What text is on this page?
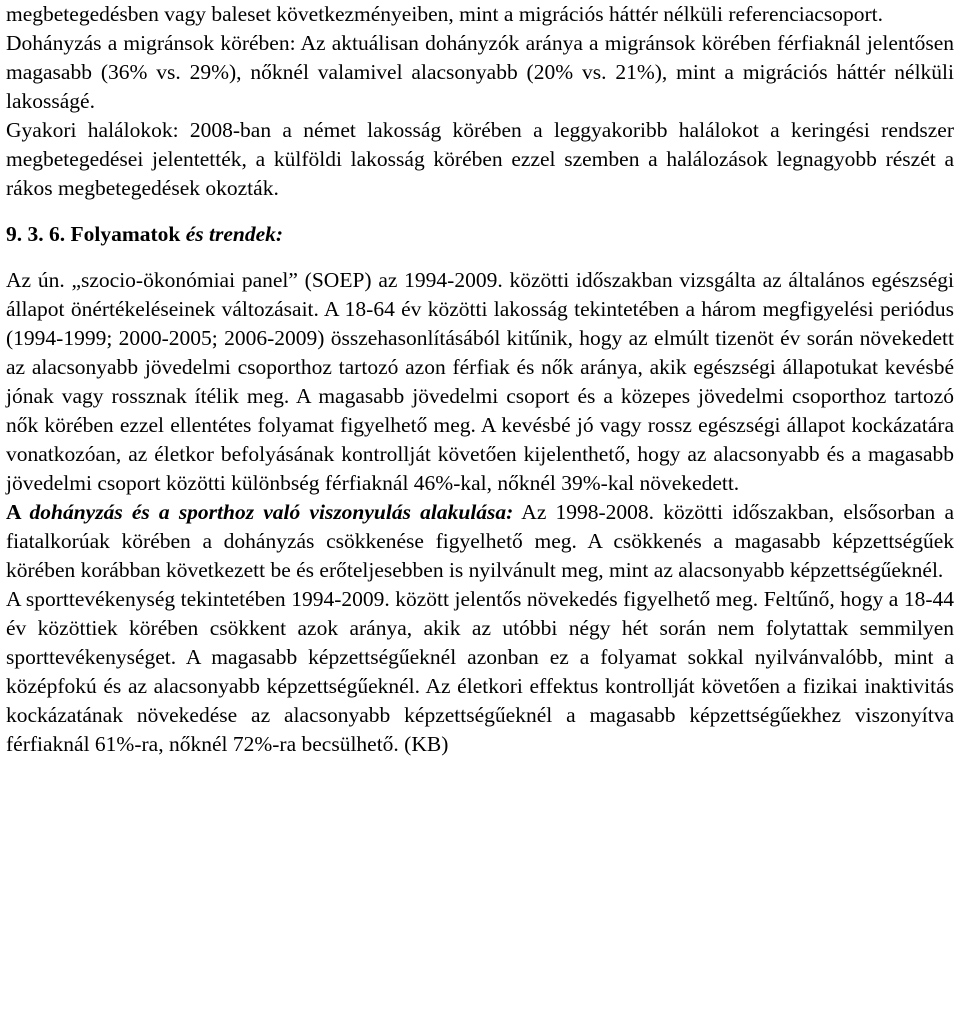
megbetegedésben vagy baleset következményeiben, mint a migrációs háttér nélküli referenciacsoport.

Dohányzás a migránsok körében: Az aktuálisan dohányzók aránya a migránsok körében férfiaknál jelentősen magasabb (36% vs. 29%), nőknél valamivel alacsonyabb (20% vs. 21%), mint a migrációs háttér nélküli lakosságé.

Gyakori halálokok: 2008-ban a német lakosság körében a leggyakoribb halálokot a keringési rendszer megbetegedései jelentették, a külföldi lakosság körében ezzel szemben a halálozások legnagyobb részét a rákos megbetegedések okozták.

9. 3. 6. Folyamatok és trendek:

Az ún. „szocio-ökonómiai panel” (SOEP) az 1994-2009. közötti időszakban vizsgálta az általános egészségi állapot önértékeléseinek változásait. A 18-64 év közötti lakosság tekintetében a három megfigyelési periódus (1994-1999; 2000-2005; 2006-2009) összehasonlításából kitűnik, hogy az elmúlt tizenöt év során növekedett az alacsonyabb jövedelmi csoporthoz tartozó azon férfiak és nők aránya, akik egészségi állapotukat kevésbé jónak vagy rossznak ítélik meg. A magasabb jövedelmi csoport és a közepes jövedelmi csoporthoz tartozó nők körében ezzel ellentétes folyamat figyelhető meg. A kevésbé jó vagy rossz egészségi állapot kockázatára vonatkozóan, az életkor befolyásának kontrollját követően kijelenthető, hogy az alacsonyabb és a magasabb jövedelmi csoport közötti különbség férfiaknál 46%-kal, nőknél 39%-kal növekedett.

A dohányzás és a sporthoz való viszonyulás alakulása: Az 1998-2008. közötti időszakban, elsősorban a fiatalkorúak körében a dohányzás csökkenése figyelhető meg. A csökkenés a magasabb képzettségűek körében korábban következett be és erőteljesebben is nyilvánult meg, mint az alacsonyabb képzettségűeknél.

A sporttevékenység tekintetében 1994-2009. között jelentős növekedés figyelhető meg. Feltűnő, hogy a 18-44 év közöttiek körében csökkent azok aránya, akik az utóbbi négy hét során nem folytattak semmilyen sporttevékenységet. A magasabb képzettségűeknél azonban ez a folyamat sokkal nyilvánvalóbb, mint a középfokú és az alacsonyabb képzettségűeknél. Az életkori effektus kontrollját követően a fizikai inaktivitás kockázatának növekedése az alacsonyabb képzettségűeknél a magasabb képzettségűekhez viszonyítva férfiaknál 61%-ra, nőknél 72%-ra becsülhető. (KB)
